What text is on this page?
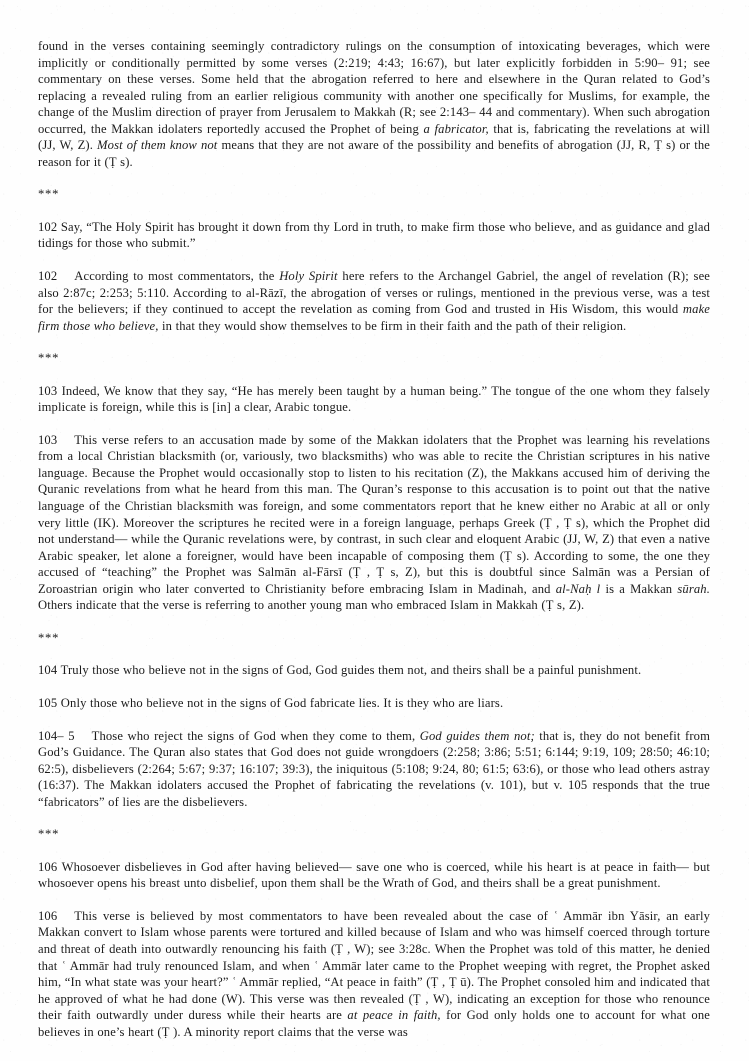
found in the verses containing seemingly contradictory rulings on the consumption of intoxicating beverages, which were implicitly or conditionally permitted by some verses (2:219; 4:43; 16:67), but later explicitly forbidden in 5:90– 91; see commentary on these verses. Some held that the abrogation referred to here and elsewhere in the Quran related to God’s replacing a revealed ruling from an earlier religious community with another one specifically for Muslims, for example, the change of the Muslim direction of prayer from Jerusalem to Makkah (R; see 2:143– 44 and commentary). When such abrogation occurred, the Makkan idolaters reportedly accused the Prophet of being a fabricator, that is, fabricating the revelations at will (JJ, W, Z). Most of them know not means that they are not aware of the possibility and benefits of abrogation (JJ, R, Ṭ s) or the reason for it (Ṭ s).

***

102 Say, “The Holy Spirit has brought it down from thy Lord in truth, to make firm those who believe, and as guidance and glad tidings for those who submit.”

102 According to most commentators, the Holy Spirit here refers to the Archangel Gabriel, the angel of revelation (R); see also 2:87c; 2:253; 5:110. According to al-Rāzī, the abrogation of verses or rulings, mentioned in the previous verse, was a test for the believers; if they continued to accept the revelation as coming from God and trusted in His Wisdom, this would make firm those who believe, in that they would show themselves to be firm in their faith and the path of their religion.

***

103 Indeed, We know that they say, “He has merely been taught by a human being.” The tongue of the one whom they falsely implicate is foreign, while this is [in] a clear, Arabic tongue.

103 This verse refers to an accusation made by some of the Makkan idolaters that the Prophet was learning his revelations from a local Christian blacksmith (or, variously, two blacksmiths) who was able to recite the Christian scriptures in his native language. Because the Prophet would occasionally stop to listen to his recitation (Z), the Makkans accused him of deriving the Quranic revelations from what he heard from this man. The Quran’s response to this accusation is to point out that the native language of the Christian blacksmith was foreign, and some commentators report that he knew either no Arabic at all or only very little (IK). Moreover the scriptures he recited were in a foreign language, perhaps Greek (Ṭ , Ṭ s), which the Prophet did not understand— while the Quranic revelations were, by contrast, in such clear and eloquent Arabic (JJ, W, Z) that even a native Arabic speaker, let alone a foreigner, would have been incapable of composing them (Ṭ s). According to some, the one they accused of “teaching” the Prophet was Salmān al-Fārsī (Ṭ , Ṭ s, Z), but this is doubtful since Salmān was a Persian of Zoroastrian origin who later converted to Christianity before embracing Islam in Madinah, and al-Naḥ l is a Makkan sūrah. Others indicate that the verse is referring to another young man who embraced Islam in Makkah (Ṭ s, Z).

***

104 Truly those who believe not in the signs of God, God guides them not, and theirs shall be a painful punishment.

105 Only those who believe not in the signs of God fabricate lies. It is they who are liars.

104– 5 Those who reject the signs of God when they come to them, God guides them not; that is, they do not benefit from God’s Guidance. The Quran also states that God does not guide wrongdoers (2:258; 3:86; 5:51; 6:144; 9:19, 109; 28:50; 46:10; 62:5), disbelievers (2:264; 5:67; 9:37; 16:107; 39:3), the iniquitous (5:108; 9:24, 80; 61:5; 63:6), or those who lead others astray (16:37). The Makkan idolaters accused the Prophet of fabricating the revelations (v. 101), but v. 105 responds that the true “fabricators” of lies are the disbelievers.

***

106 Whosoever disbelieves in God after having believed— save one who is coerced, while his heart is at peace in faith— but whosoever opens his breast unto disbelief, upon them shall be the Wrath of God, and theirs shall be a great punishment.

106 This verse is believed by most commentators to have been revealed about the case of ʿ Ammār ibn Yāsir, an early Makkan convert to Islam whose parents were tortured and killed because of Islam and who was himself coerced through torture and threat of death into outwardly renouncing his faith (Ṭ , W); see 3:28c. When the Prophet was told of this matter, he denied that ʿ Ammār had truly renounced Islam, and when ʿ Ammār later came to the Prophet weeping with regret, the Prophet asked him, “In what state was your heart?” ʿ Ammār replied, “At peace in faith” (Ṭ , Ṭ ū). The Prophet consoled him and indicated that he approved of what he had done (W). This verse was then revealed (Ṭ , W), indicating an exception for those who renounce their faith outwardly under duress while their hearts are at peace in faith, for God only holds one to account for what one believes in one’s heart (Ṭ ). A minority report claims that the verse was
